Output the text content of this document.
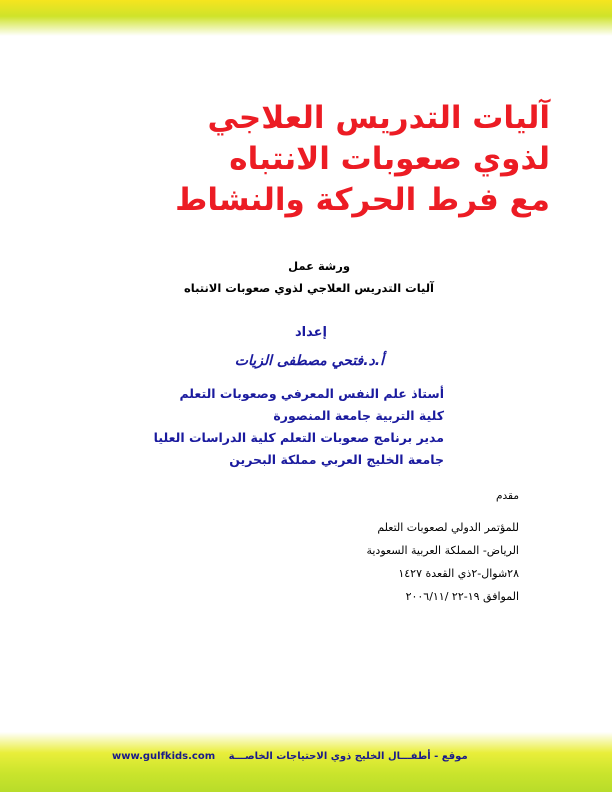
آليات التدريس العلاجي
لذوي صعوبات الانتباه
مع فرط الحركة والنشاط
ورشة عمل
آليات التدريس العلاجي لذوي صعوبات الانتباه
إعداد
أ.د.فتحي مصطفى الزيات
أستاذ علم النفس المعرفي وصعوبات التعلم
كلية التربية جامعة المنصورة
مدير برنامج صعوبات التعلم كلية الدراسات العليا
جامعة الخليج العربي مملكة البحرين
مقدم
للمؤتمر الدولي لصعوبات التعلم
الرياض- المملكة العربية السعودية
٢٨شوال-٢ذي القعدة ١٤٢٧
الموافق ١٩-٢٢ /٢٠٠٦/١١
www.gulfkids.com موقع - أطفـــال الخليج ذوي الاحتياجات الخاصـــة
